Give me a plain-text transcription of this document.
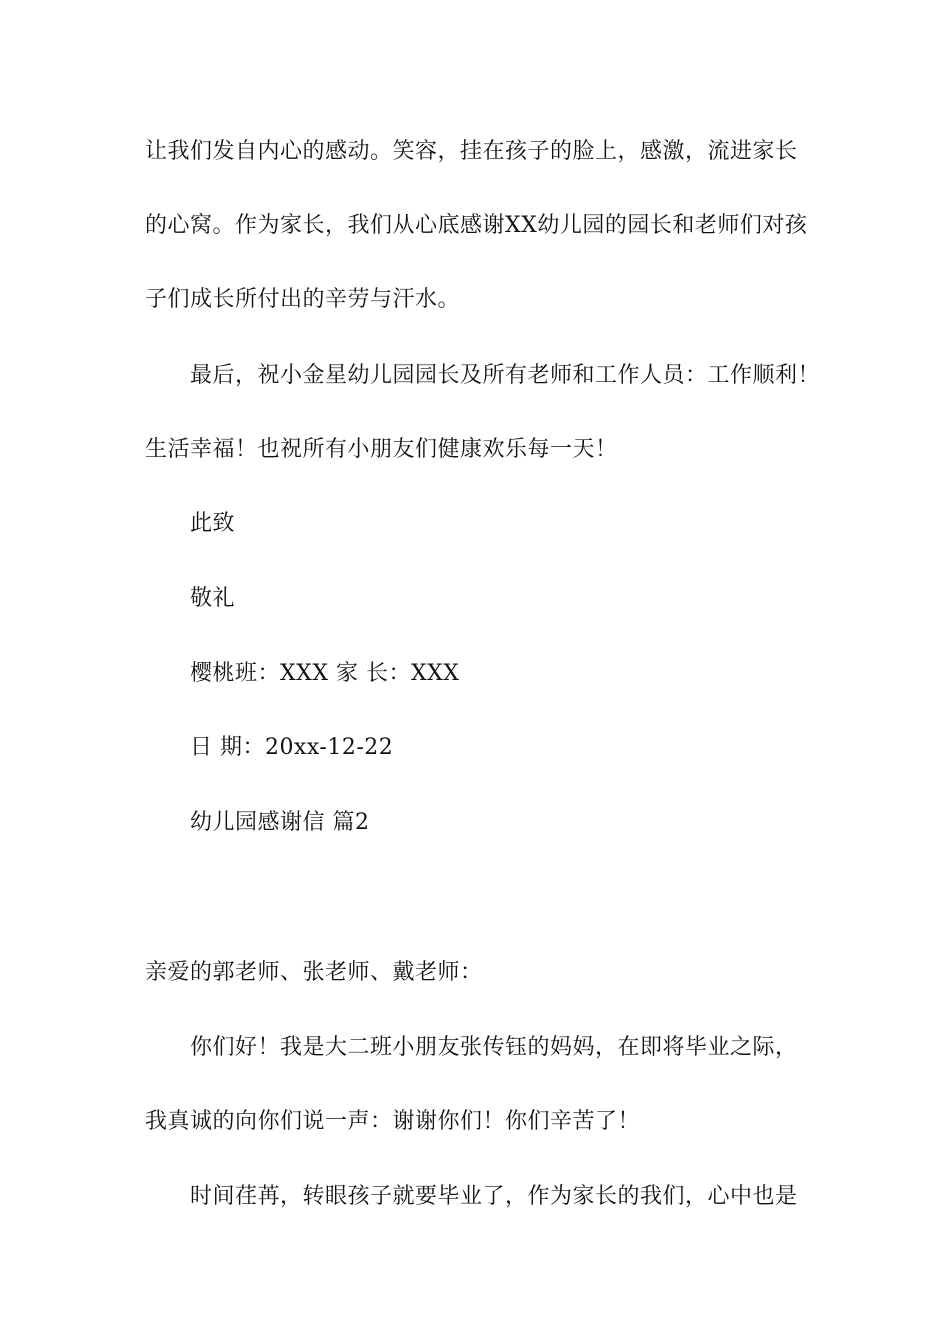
让我们发自内心的感动。笑容，挂在孩子的脸上，感激，流进家长
的心窝。作为家长，我们从心底感谢XX幼儿园的园长和老师们对孩
子们成长所付出的辛劳与汗水。
最后，祝小金星幼儿园园长及所有老师和工作人员：工作顺利！
生活幸福！也祝所有小朋友们健康欢乐每一天！
此致
敬礼
樱桃班：XXX 家 长：XXX
日 期：20xx-12-22
幼儿园感谢信 篇2
亲爱的郭老师、张老师、戴老师：
你们好！我是大二班小朋友张传钰的妈妈，在即将毕业之际，
我真诚的向你们说一声：谢谢你们！你们辛苦了！
时间荏苒，转眼孩子就要毕业了，作为家长的我们，心中也是
